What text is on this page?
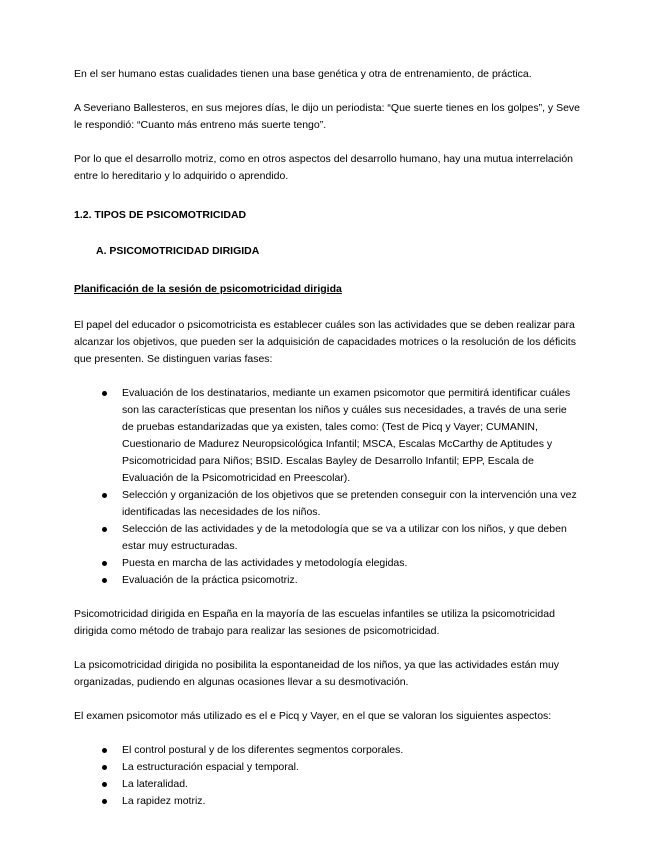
En el ser humano estas cualidades tienen una base genética y otra de entrenamiento, de práctica.

A Severiano Ballesteros, en sus mejores días, le dijo un periodista: “Que suerte tienes en los golpes”, y Seve le respondió: “Cuanto más entreno más suerte tengo”.

Por lo que el desarrollo motriz, como en otros aspectos del desarrollo humano, hay una mutua interrelación entre lo hereditario y lo adquirido o aprendido.

1.2. TIPOS DE PSICOMOTRICIDAD
A. PSICOMOTRICIDAD DIRIGIDA
Planificación de la sesión de psicomotricidad dirigida

El papel del educador o psicomotricista es establecer cuáles son las actividades que se deben realizar para alcanzar los objetivos, que pueden ser la adquisición de capacidades motrices o la resolución de los déficits que presenten. Se distinguen varias fases:

Evaluación de los destinatarios, mediante un examen psicomotor que permitirá identificar cuáles son las características que presentan los niños y cuáles sus necesidades, a través de una serie de pruebas estandarizadas que ya existen, tales como: (Test de Picq y Vayer; CUMANIN, Cuestionario de Madurez Neuropsicológica Infantil; MSCA, Escalas McCarthy de Aptitudes y Psicomotricidad para Niños; BSID. Escalas Bayley de Desarrollo Infantil; EPP, Escala de Evaluación de la Psicomotricidad en Preescolar).
Selección y organización de los objetivos que se pretenden conseguir con la intervención una vez identificadas las necesidades de los niños.
Selección de las actividades y de la metodología que se va a utilizar con los niños, y que deben estar muy estructuradas.
Puesta en marcha de las actividades y metodología elegidas.
Evaluación de la práctica psicomotriz.

Psicomotricidad dirigida en España en la mayoría de las escuelas infantiles se utiliza la psicomotricidad dirigida como método de trabajo para realizar las sesiones de psicomotricidad.

La psicomotricidad dirigida no posibilita la espontaneidad de los niños, ya que las actividades están muy organizadas, pudiendo en algunas ocasiones llevar a su desmotivación.

El examen psicomotor más utilizado es el e Picq y Vayer, en el que se valoran los siguientes aspectos:

El control postural y de los diferentes segmentos corporales.
La estructuración espacial y temporal.
La lateralidad.
La rapidez motriz.
